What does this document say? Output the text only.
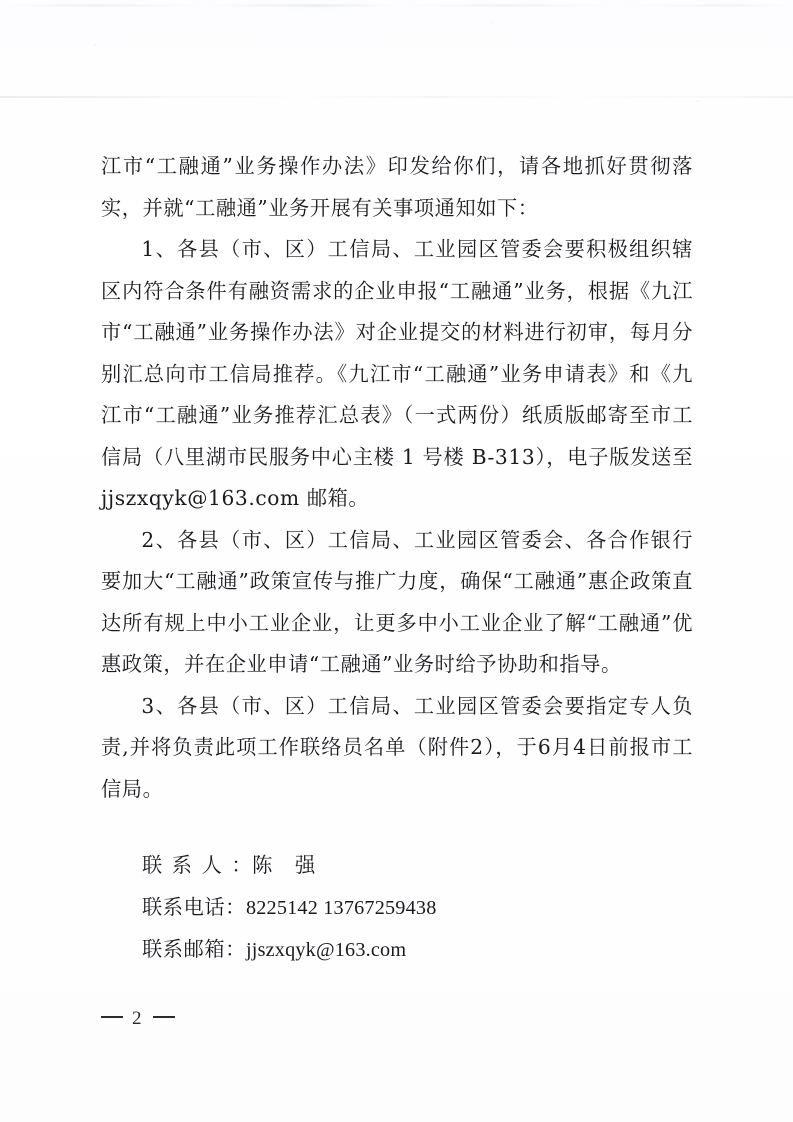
江市“工融通”业务操作办法》印发给你们，请各地抓好贯彻落实，并就“工融通”业务开展有关事项通知如下：

1、各县（市、区）工信局、工业园区管委会要积极组织辖区内符合条件有融资需求的企业申报“工融通”业务，根据《九江市“工融通”业务操作办法》对企业提交的材料进行初审，每月分别汇总向市工信局推荐。《九江市“工融通”业务申请表》和《九江市“工融通”业务推荐汇总表》（一式两份）纸质版邮寄至市工信局（八里湖市民服务中心主楼 1 号楼 B-313），电子版发送至 jjszxqyk@163.com 邮箱。

2、各县（市、区）工信局、工业园区管委会、各合作银行要加大“工融通”政策宣传与推广力度，确保“工融通”惠企政策直达所有规上中小工业企业，让更多中小工业企业了解“工融通”优惠政策，并在企业申请“工融通”业务时给予协助和指导。

3、各县（市、区）工信局、工业园区管委会要指定专人负责,并将负责此项工作联络员名单（附件2），于6月4日前报市工信局。

联系人：陈 强
联系电话：8225142 13767259438
联系邮箱：jjszxqyk@163.com
2
